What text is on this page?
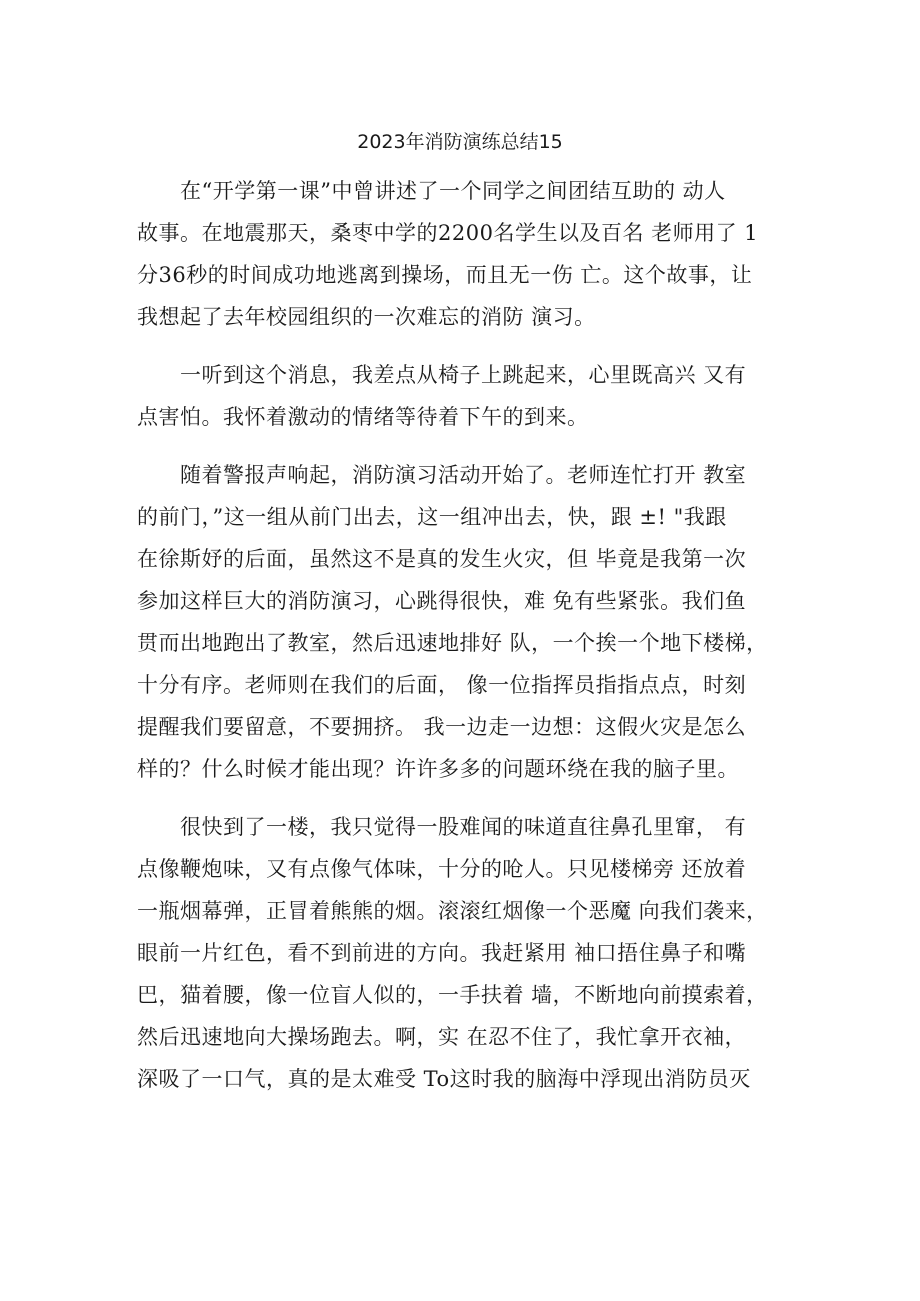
2023年消防演练总结15
　　在“开学第一课”中曾讲述了一个同学之间团结互助的 动人
故事。在地震那天，桑枣中学的2200名学生以及百名 老师用了 1
分36秒的时间成功地逃离到操场，而且无一伤 亡。这个故事，让
我想起了去年校园组织的一次难忘的消防 演习。
　　一听到这个消息，我差点从椅子上跳起来，心里既高兴 又有
点害怕。我怀着激动的情绪等待着下午的到来。
　　随着警报声响起，消防演习活动开始了。老师连忙打开 教室
的前门，”这一组从前门出去，这一组冲出去，快，跟 ±! "我跟
在徐斯妤的后面，虽然这不是真的发生火灾，但 毕竟是我第一次
参加这样巨大的消防演习，心跳得很快，难 免有些紧张。我们鱼
贯而出地跑出了教室，然后迅速地排好 队，一个挨一个地下楼梯，
十分有序。老师则在我们的后面， 像一位指挥员指指点点，时刻
提醒我们要留意，不要拥挤。 我一边走一边想：这假火灾是怎么
样的？什么时候才能出现？许许多多的问题环绕在我的脑子里。
　　很快到了一楼，我只觉得一股难闻的味道直往鼻孔里窜， 有
点像鞭炮味，又有点像气体味，十分的呛人。只见楼梯旁 还放着
一瓶烟幕弹，正冒着熊熊的烟。滚滚红烟像一个恶魔 向我们袭来，
眼前一片红色，看不到前进的方向。我赶紧用 袖口捂住鼻子和嘴
巴，猫着腰，像一位盲人似的，一手扶着 墙，不断地向前摸索着，
然后迅速地向大操场跑去。啊，实 在忍不住了，我忙拿开衣袖，
深吸了一口气，真的是太难受 To这时我的脑海中浮现出消防员灭
